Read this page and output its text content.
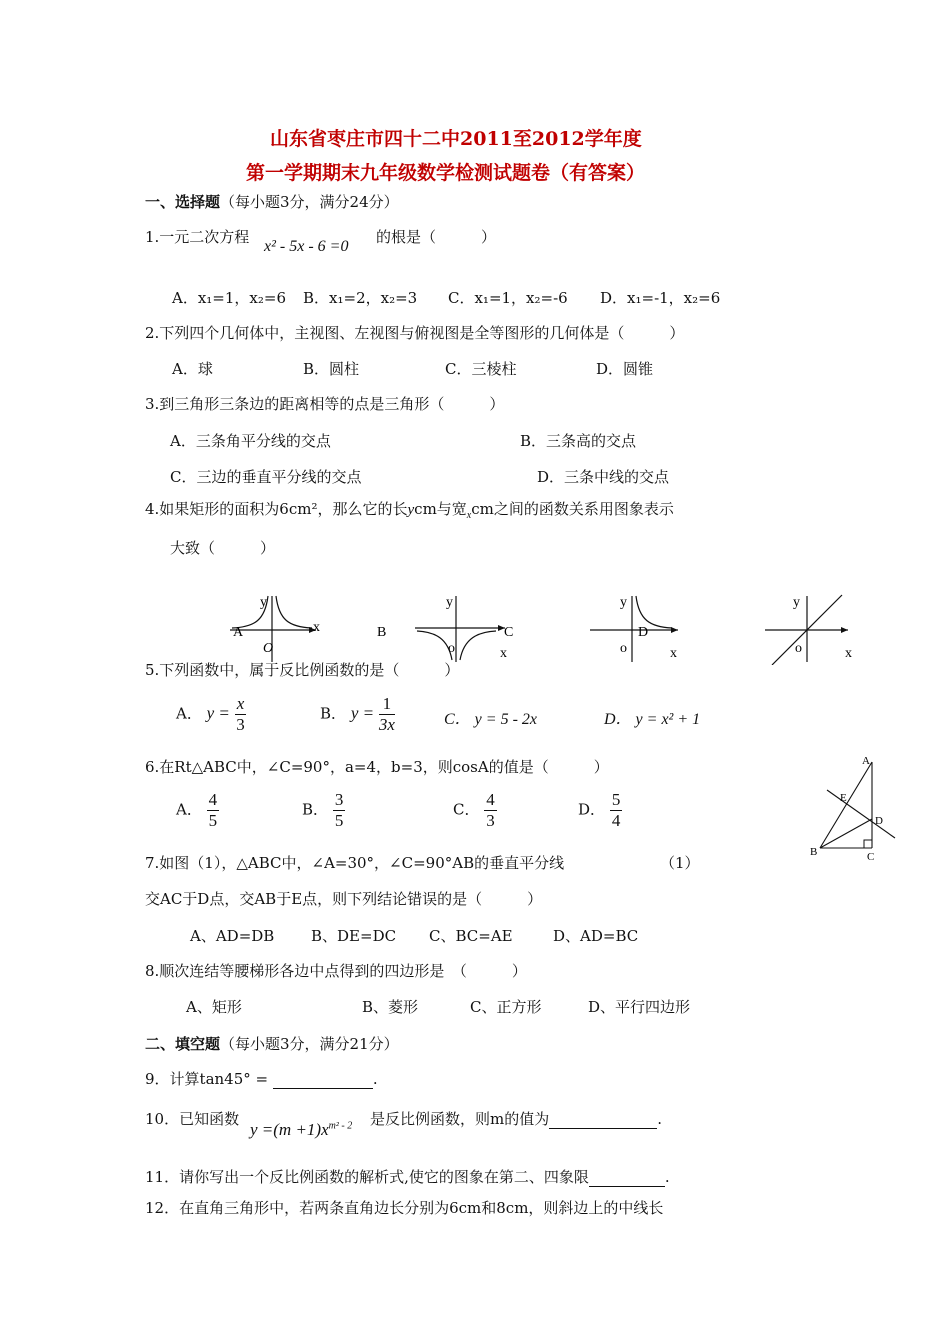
山东省枣庄市四十二中2011至2012学年度
第一学期期末九年级数学检测试题卷（有答案）
一、选择题（每小题3分，满分24分）
1.一元二次方程
x² - 5x - 6 =0
的根是（　　　）
A．x₁=1，x₂=6 B．x₁=2，x₂=3 C．x₁=1，x₂=-6 D．x₁=-1，x₂=6
2.下列四个几何体中，主视图、左视图与俯视图是全等图形的几何体是（　　　）
A．球	B．圆柱	C．三棱柱	D．圆锥
3.到三角形三条边的距离相等的点是三角形（　　　）
A．三条角平分线的交点	B．三条高的交点
C．三边的垂直平分线的交点	D．三条中线的交点
4.如果矩形的面积为6cm²，那么它的长ycm与宽$_x$cm之间的函数关系用图象表示
大致（　　　）
y
A	x
O
B
y
C
x
o
y
D
x
o
y
x
o
5.下列函数中，属于反比例函数的是（　　　）
A． $y = \frac{x}{3}$	B． $y = \frac{1}{3x}$	C． y = 5 - 2x	D． y = x² + 1
6.在Rt△ABC中，∠C=90°，a=4，b=3，则cosA的值是（　　　）
A． $\frac{4}{5}$	B． $\frac{3}{5}$	C． $\frac{4}{3}$	D． $\frac{5}{4}$
A
E
D
B	C
7.如图（1），△ABC中，∠A=30°，∠C=90°AB的垂直平分线	（1）
交AC于D点，交AB于E点，则下列结论错误的是（　　　）
A、AD=DB B、DE=DC C、BC=AE	D、AD=BC
8.顺次连结等腰梯形各边中点得到的四边形是　（　　　）
A、矩形	B、菱形	C、正方形	D、平行四边形
二、填空题（每小题3分，满分21分）
9．计算tan45° =	.
10．已知函数
$y =(m +1)x^{m^2 - 2}$ 是反比例函数，则m的值为	.
11．请你写出一个反比例函数的解析式,使它的图象在第二、四象限	.
12．在直角三角形中，若两条直角边长分别为6cm和8cm，则斜边上的中线长
